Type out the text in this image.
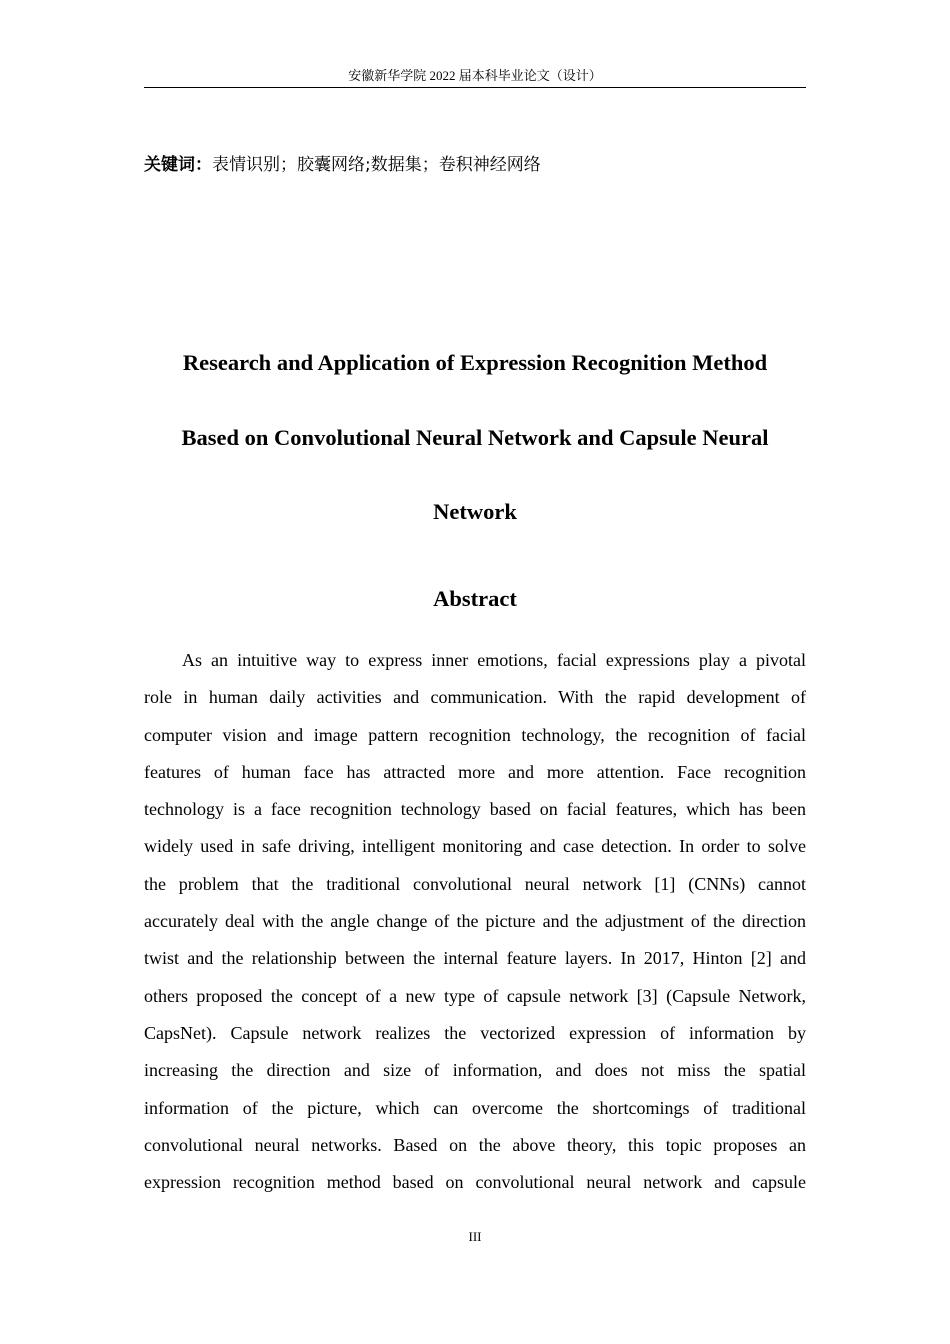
安徽新华学院 2022 届本科毕业论文（设计）
关键词：表情识别；胶囊网络;数据集；卷积神经网络
Research and Application of Expression Recognition Method
Based on Convolutional Neural Network and Capsule Neural
Network
Abstract
As an intuitive way to express inner emotions, facial expressions play a pivotal
role in human daily activities and communication. With the rapid development of
computer vision and image pattern recognition technology, the recognition of facial
features of human face has attracted more and more attention. Face recognition
technology is a face recognition technology based on facial features, which has been
widely used in safe driving, intelligent monitoring and case detection. In order to solve
the problem that the traditional convolutional neural network [1] (CNNs) cannot
accurately deal with the angle change of the picture and the adjustment of the direction
twist and the relationship between the internal feature layers. In 2017, Hinton [2] and
others proposed the concept of a new type of capsule network [3] (Capsule Network,
CapsNet). Capsule network realizes the vectorized expression of information by
increasing the direction and size of information, and does not miss the spatial
information of the picture, which can overcome the shortcomings of traditional
convolutional neural networks. Based on the above theory, this topic proposes an
expression recognition method based on convolutional neural network and capsule
III
